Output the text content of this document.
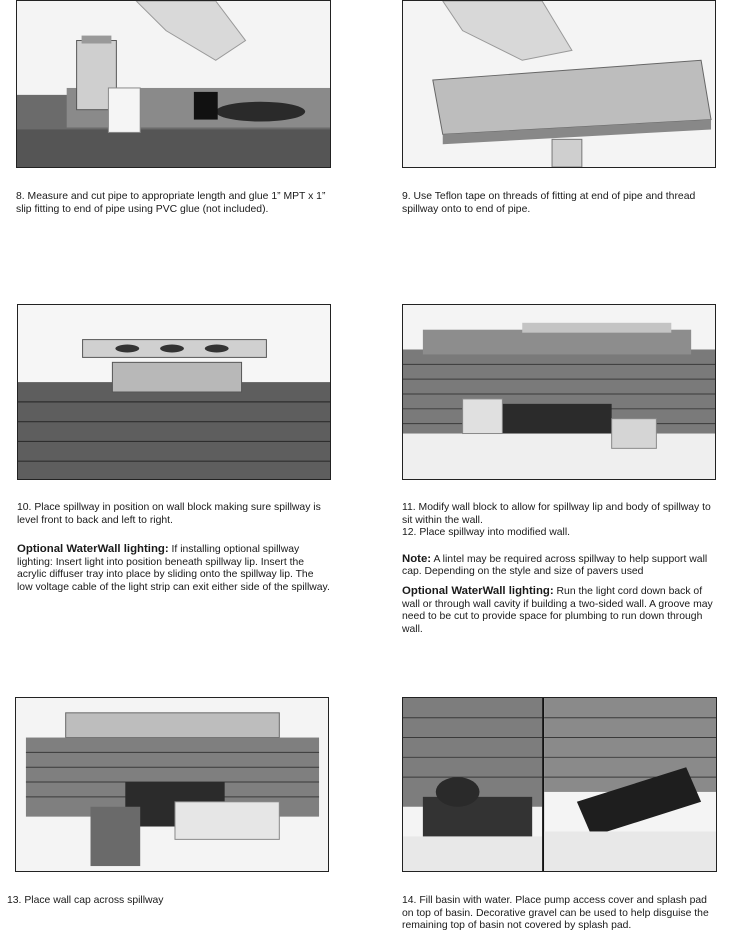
8. Measure and cut pipe to appropriate length and glue 1” MPT x 1” slip fitting to end of pipe using PVC glue (not included).

9. Use Teflon tape on threads of fitting at end of pipe and thread spillway onto to end of pipe.

10. Place spillway in position on wall block making sure spillway is level front to back and left to right.

Optional WaterWall lighting: If installing optional spillway lighting: Insert light into position beneath spillway lip. Insert the acrylic diffuser tray into place by sliding onto the spillway lip. The low voltage cable of the light strip can exit either side of the spillway.

11. Modify wall block to allow for spillway lip and body of spillway to sit within the wall.

12. Place spillway into modified wall.

Note: A lintel may be required across spillway to help support wall cap. Depending on the style and size of pavers used

Optional WaterWall lighting: Run the light cord down back of wall or through wall cavity if building a two-sided wall. A groove may need to be cut to provide space for plumbing to run down through wall.

13. Place wall cap across spillway	14. Fill basin with water. Place pump access cover and splash pad on top of basin. Decorative gravel can be used to help disguise the remaining top of basin not covered by splash pad.
